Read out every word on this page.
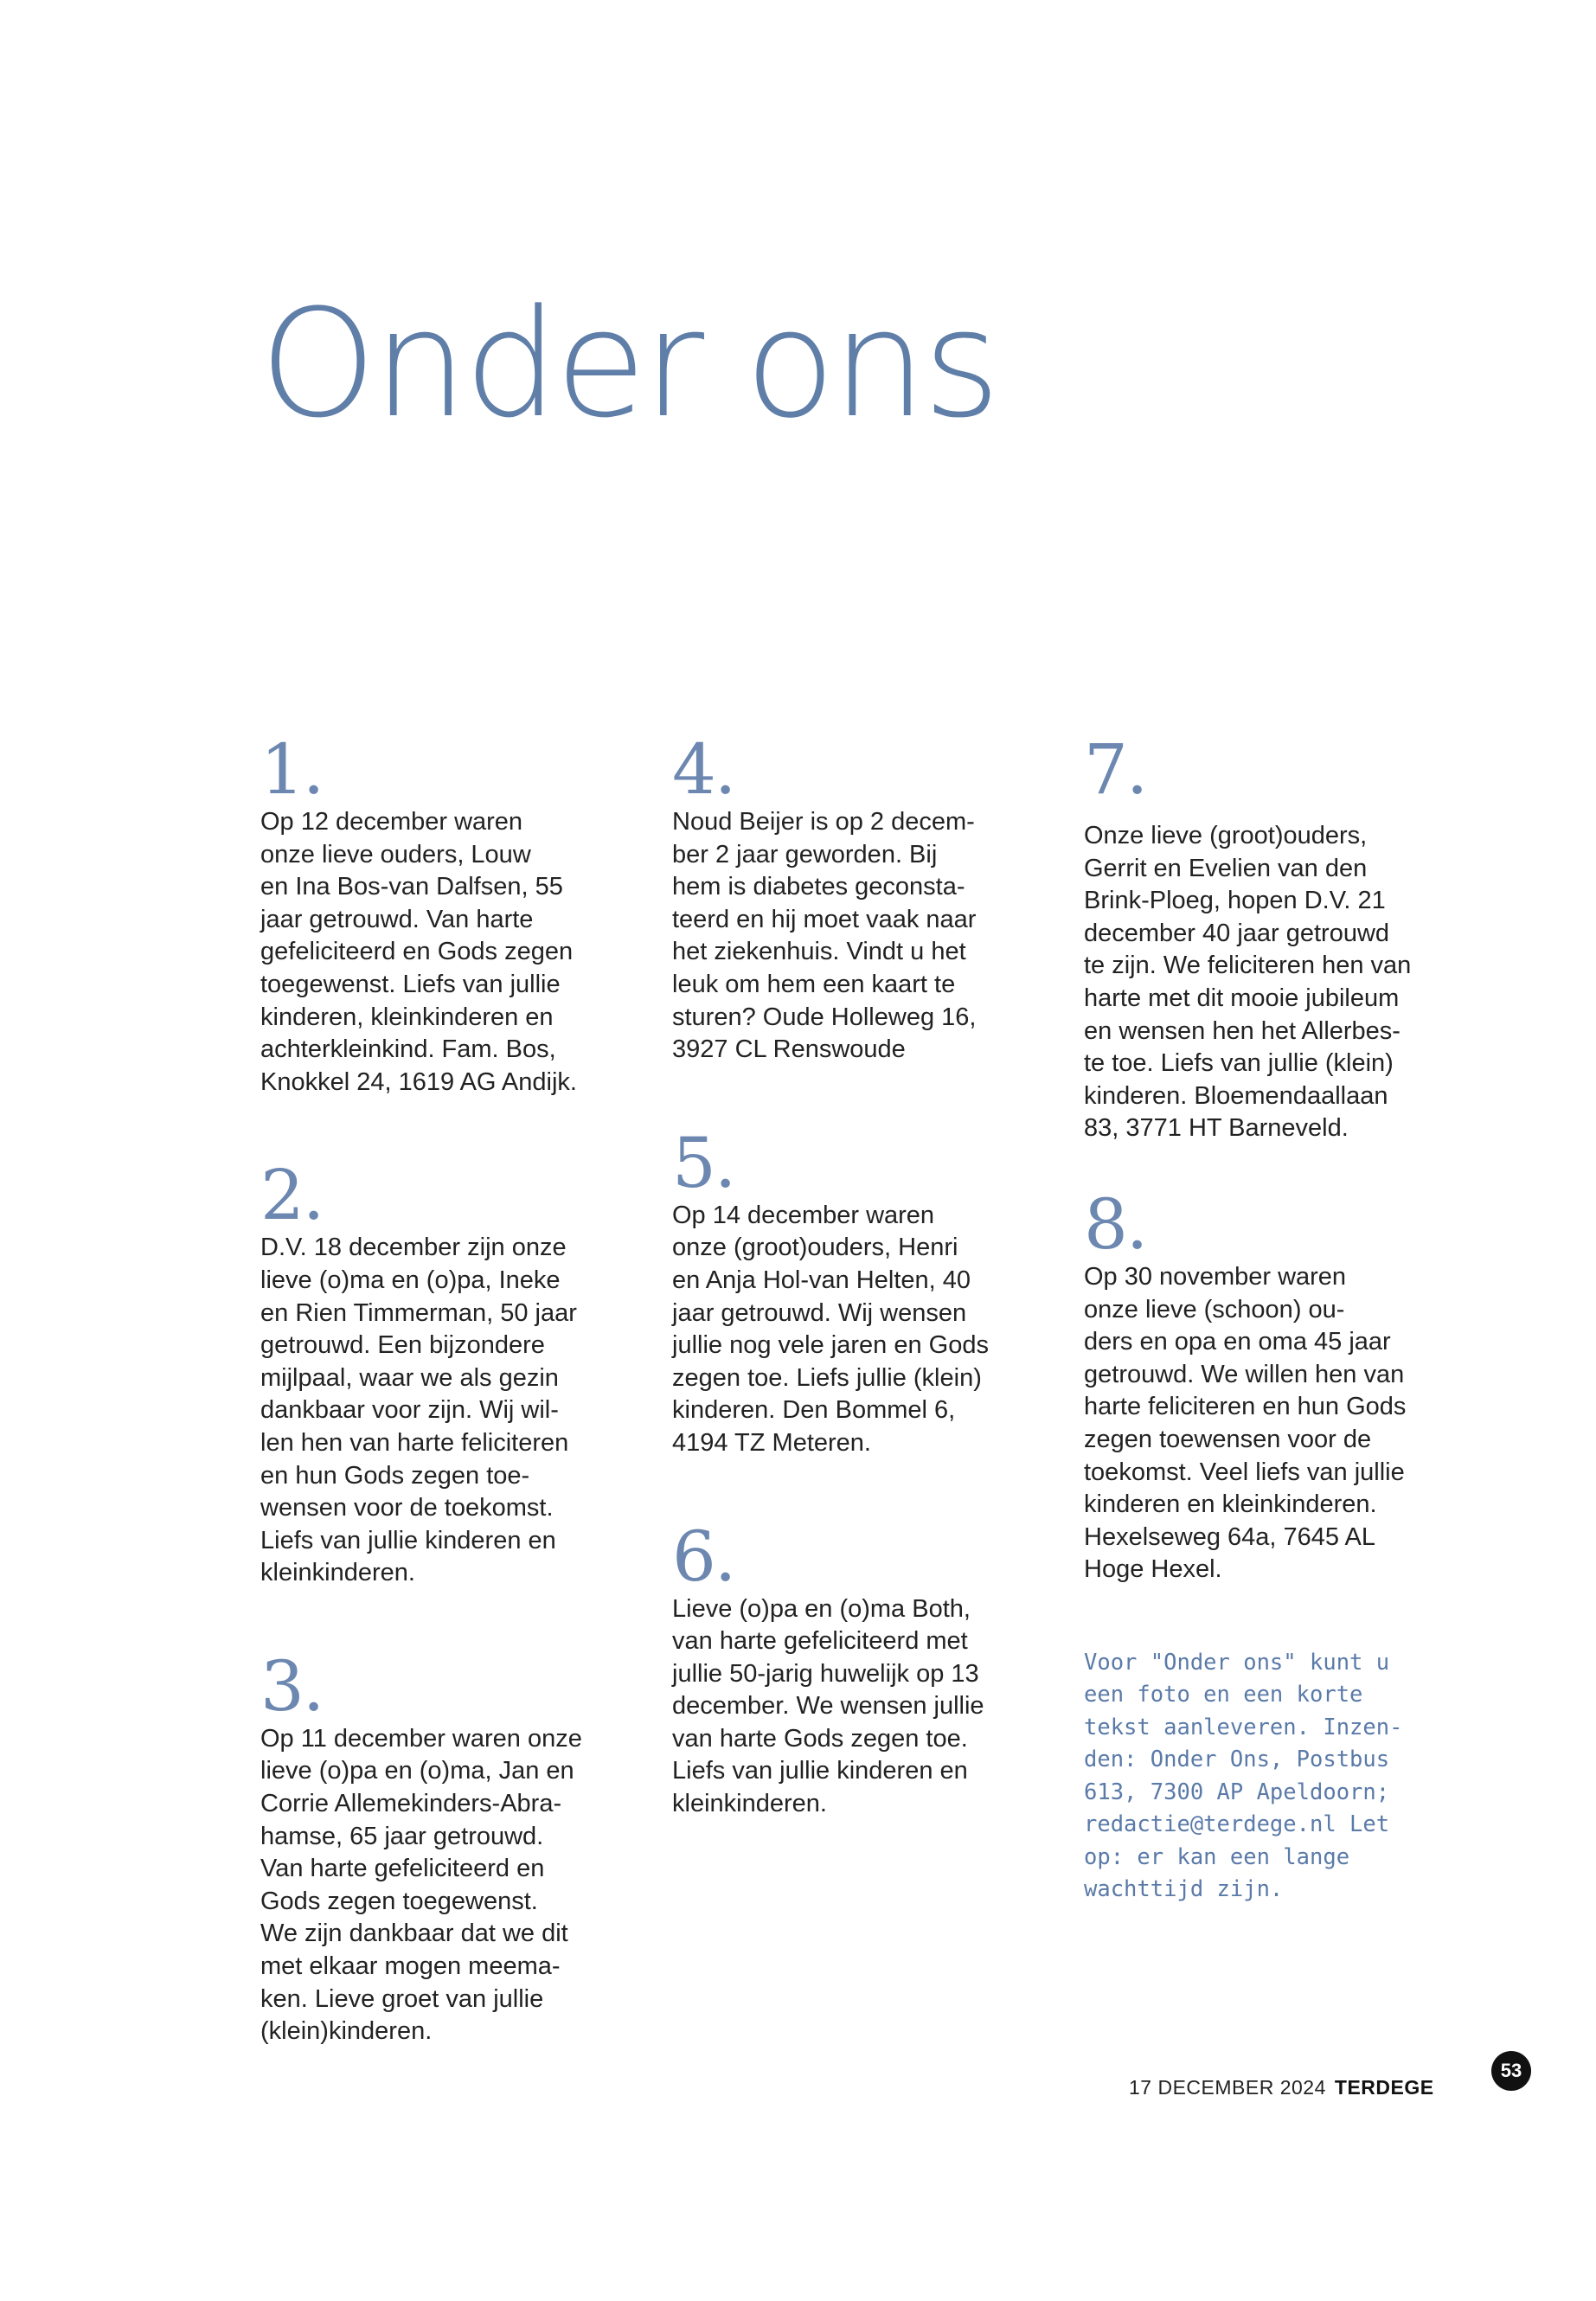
Onder ons
1.

Op 12 december waren
onze lieve ouders, Louw
en Ina Bos-van Dalfsen, 55
jaar getrouwd. Van harte
gefeliciteerd en Gods zegen
toegewenst. Liefs van jullie
kinderen, kleinkinderen en
achterkleinkind. Fam. Bos,
Knokkel 24, 1619 AG Andijk.

2.

D.V. 18 december zijn onze
lieve (o)ma en (o)pa, Ineke
en Rien Timmerman, 50 jaar
getrouwd. Een bijzondere
mijlpaal, waar we als gezin
dankbaar voor zijn. Wij wil-
len hen van harte feliciteren
en hun Gods zegen toe-
wensen voor de toekomst.
Liefs van jullie kinderen en
kleinkinderen.

3.

Op 11 december waren onze
lieve (o)pa en (o)ma, Jan en
Corrie Allemekinders-Abra-
hamse, 65 jaar getrouwd.
Van harte gefeliciteerd en
Gods zegen toegewenst.
We zijn dankbaar dat we dit
met elkaar mogen meema-
ken. Lieve groet van jullie
(klein)kinderen.

4.

Noud Beijer is op 2 decem-
ber 2 jaar geworden. Bij
hem is diabetes geconsta-
teerd en hij moet vaak naar
het ziekenhuis. Vindt u het
leuk om hem een kaart te
sturen? Oude Holleweg 16,
3927 CL Renswoude

5.

Op 14 december waren
onze (groot)ouders, Henri
en Anja Hol-van Helten, 40
jaar getrouwd. Wij wensen
jullie nog vele jaren en Gods
zegen toe. Liefs jullie (klein)
kinderen. Den Bommel 6,
4194 TZ Meteren.

6.

Lieve (o)pa en (o)ma Both,
van harte gefeliciteerd met
jullie 50-jarig huwelijk op 13
december. We wensen jullie
van harte Gods zegen toe.
Liefs van jullie kinderen en
kleinkinderen.

7.

Onze lieve (groot)ouders,
Gerrit en Evelien van den
Brink-Ploeg, hopen D.V. 21
december 40 jaar getrouwd
te zijn. We feliciteren hen van
harte met dit mooie jubileum
en wensen hen het Allerbes-
te toe. Liefs van jullie (klein)
kinderen. Bloemendaallaan
83, 3771 HT Barneveld.

8.

Op 30 november waren
onze lieve (schoon) ou-
ders en opa en oma 45 jaar
getrouwd. We willen hen van
harte feliciteren en hun Gods
zegen toewensen voor de
toekomst. Veel liefs van jullie
kinderen en kleinkinderen.
Hexelseweg 64a, 7645 AL
Hoge Hexel.

Voor "Onder ons" kunt u
een foto en een korte
tekst aanleveren. Inzen-
den: Onder Ons, Postbus
613, 7300 AP Apeldoorn;
redactie@terdege.nl Let
op: er kan een lange
wachttijd zijn.

17 DECEMBER 2024 TERDEGE
53
